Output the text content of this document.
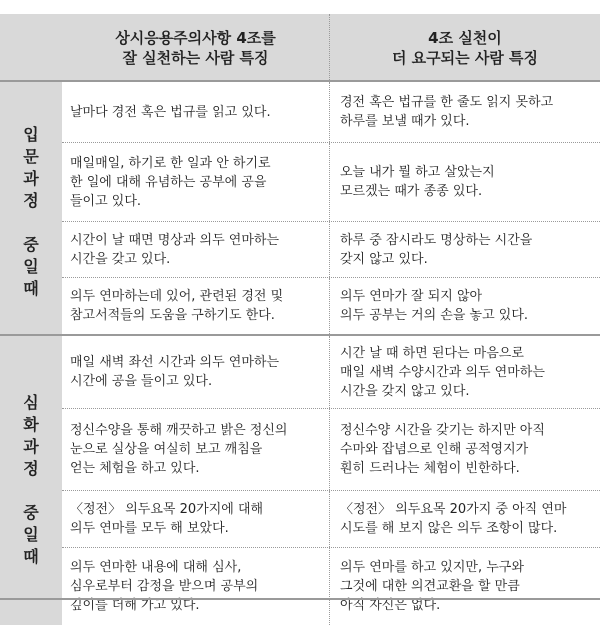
상시응용주의사항 4조를
잘 실천하는 사람 특징
4조 실천이
더 요구되는 사람 특징
입
문
과
정

중
일
때
날마다 경전 혹은 법규를 읽고 있다.
경전 혹은 법규를 한 줄도 읽지 못하고
하루를 보낼 때가 있다.
매일매일, 하기로 한 일과 안 하기로
한 일에 대해 유념하는 공부에 공을
들이고 있다.
오늘 내가 뭘 하고 살았는지
모르겠는 때가 종종 있다.
시간이 날 때면 명상과 의두 연마하는
시간을 갖고 있다.
하루 중 잠시라도 명상하는 시간을
갖지 않고 있다.
의두 연마하는데 있어, 관련된 경전 및
참고서적들의 도움을 구하기도 한다.
의두 연마가 잘 되지 않아
의두 공부는 거의 손을 놓고 있다.
심
화
과
정

중
일
때
매일 새벽 좌선 시간과 의두 연마하는
시간에 공을 들이고 있다.
시간 날 때 하면 된다는 마음으로
매일 새벽 수양시간과 의두 연마하는
시간을 갖지 않고 있다.
정신수양을 통해 깨끗하고 밝은 정신의
눈으로 실상을 여실히 보고 깨침을
얻는 체험을 하고 있다.
정신수양 시간을 갖기는 하지만 아직
수마와 잡념으로 인해 공적영지가
훤히 드러나는 체험이 빈한하다.
〈정전〉 의두요목 20가지에 대해
의두 연마를 모두 해 보았다.
〈정전〉 의두요목 20가지 중 아직 연마
시도를 해 보지 않은 의두 조항이 많다.
의두 연마한 내용에 대해 심사,
심우로부터 감정을 받으며 공부의
깊이를 더해 가고 있다.
의두 연마를 하고 있지만, 누구와
그것에 대한 의견교환을 할 만큼
아직 자신은 없다.
